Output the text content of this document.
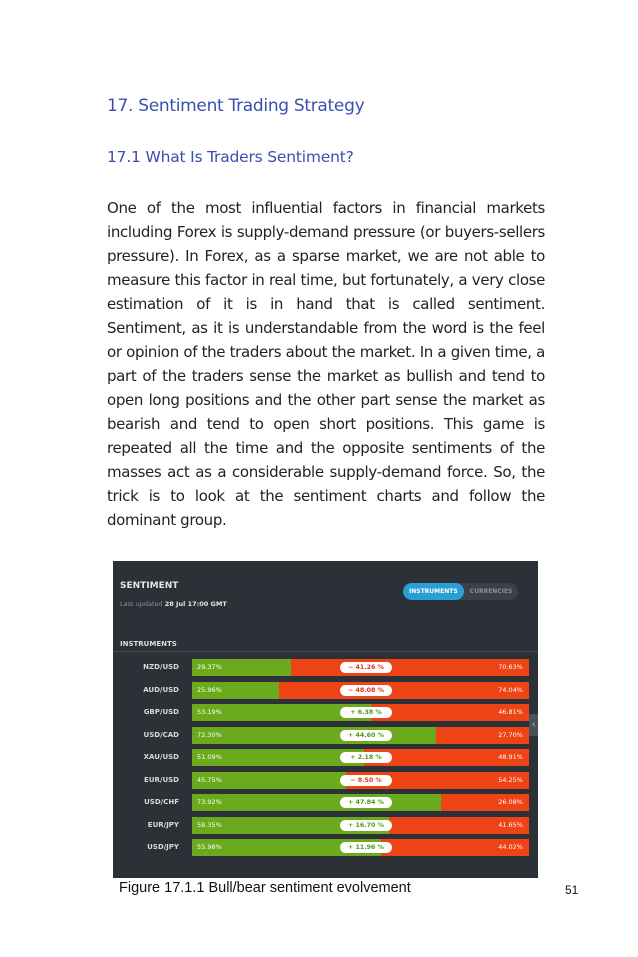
17. Sentiment Trading Strategy
17.1 What Is Traders Sentiment?
One of the most influential factors in financial markets including Forex is supply-demand pressure (or buyers-sellers pressure). In Forex, as a sparse market, we are not able to measure this factor in real time, but fortunately, a very close estimation of it is in hand that is called sentiment. Sentiment, as it is understandable from the word is the feel or opinion of the traders about the market. In a given time, a part of the traders sense the market as bullish and tend to open long positions and the other part sense the market as bearish and tend to open short positions. This game is repeated all the time and the opposite sentiments of the masses act as a considerable supply-demand force. So, the trick is to look at the sentiment charts and follow the dominant group.
SENTIMENT
Last updated 28 Jul 17:00 GMT
INSTRUMENTS	CURRENCIES
INSTRUMENTS
NZD/USD	29.37%	− 41.26 %	70.63%
AUD/USD	25.96%	− 48.08 %	74.04%
GBP/USD	53.19%	+ 6.38 %	46.81%
USD/CAD	72.30%	+ 44.60 %	27.70%
XAU/USD	51.09%	+ 2.18 %	48.91%
EUR/USD	45.75%	− 8.50 %	54.25%
USD/CHF	73.92%	+ 47.84 %	26.08%
EUR/JPY	58.35%	+ 16.70 %	41.65%
USD/JPY	55.98%	+ 11.96 %	44.02%
‹
Figure 17.1.1 Bull/bear sentiment evolvement	51
